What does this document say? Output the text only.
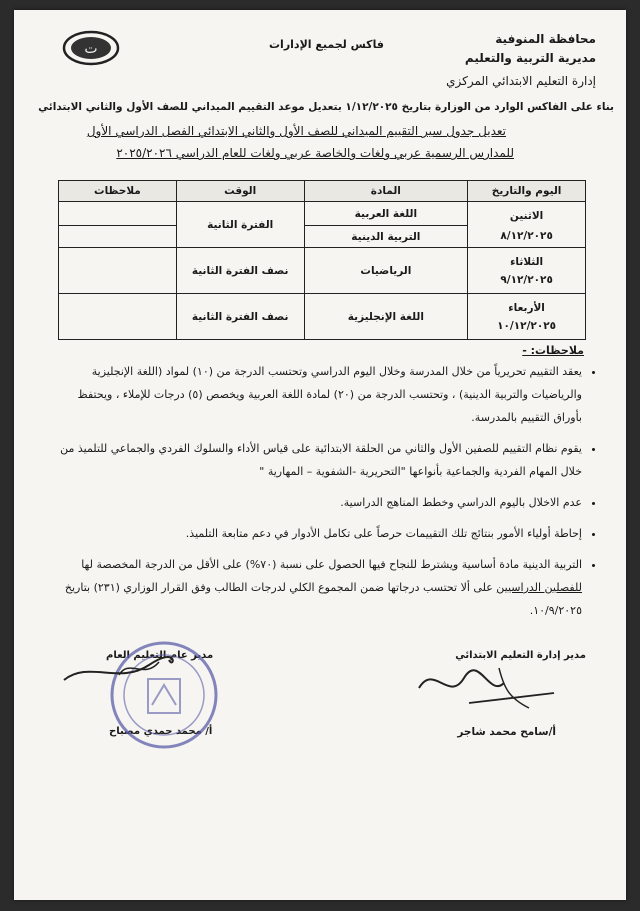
محافظة المنوفية
مديرية التربية والتعليم
إدارة التعليم الابتدائي المركزي
فاكس لجميع الإدارات
ت
بناء على الفاكس الوارد من الوزارة بتاريخ ١/١٢/٢٠٢٥ بتعديل موعد التقييم الميداني للصف الأول والثاني الابتدائي
تعديل جدول سير التقييم الميداني للصف الأول والثاني الابتدائي الفصل الدراسي الأول
للمدارس الرسمية عربي ولغات والخاصة عربي ولغات للعام الدراسي ٢٠٢٥/٢٠٢٦
اليوم والتاريخ	المادة	الوقت	ملاحظات

الاثنين
٨/١٢/٢٠٢٥	اللغة العربية	الفترة الثانية	
	التربية الدينية		

الثلاثاء
٩/١٢/٢٠٢٥	الرياضيات	نصف الفترة الثانية	

الأربعاء
١٠/١٢/٢٠٢٥	اللغة الإنجليزية	نصف الفترة الثانية	
ملاحظات: -
• يعقد التقييم تحريرياً من خلال المدرسة وخلال اليوم الدراسي وتحتسب الدرجة من (١٠) لمواد (اللغة الإنجليزية والرياضيات والتربية الدينية) ، وتحتسب الدرجة من (٢٠) لمادة اللغة العربية ويخصص (٥) درجات للإملاء ، ويحتفظ بأوراق التقييم بالمدرسة.
• يقوم نظام التقييم للصفين الأول والثاني من الحلقة الابتدائية على قياس الأداء والسلوك الفردي والجماعي للتلميذ من خلال المهام الفردية والجماعية بأنواعها "التحريرية -الشفوية – المهارية "
• عدم الاخلال باليوم الدراسي وخطط المناهج الدراسية.
• إحاطة أولياء الأمور بنتائج تلك التقييمات حرصاً على تكامل الأدوار في دعم متابعة التلميذ.
• التربية الدينية مادة أساسية ويشترط للنجاح فيها الحصول على نسبة (٧٠%) على الأقل من الدرجة المخصصة لها للفصلين الدراسيين على ألا تحتسب درجاتها ضمن المجموع الكلي لدرجات الطالب وفق القرار الوزاري (٢٣١) بتاريخ ١٠/٩/٢٠٢٥.
مدير إدارة التعليم الابتدائي
أ/سامح محمد شاجر
مدير عام التعليم العام
أ/ محمد حمدي مصباح
